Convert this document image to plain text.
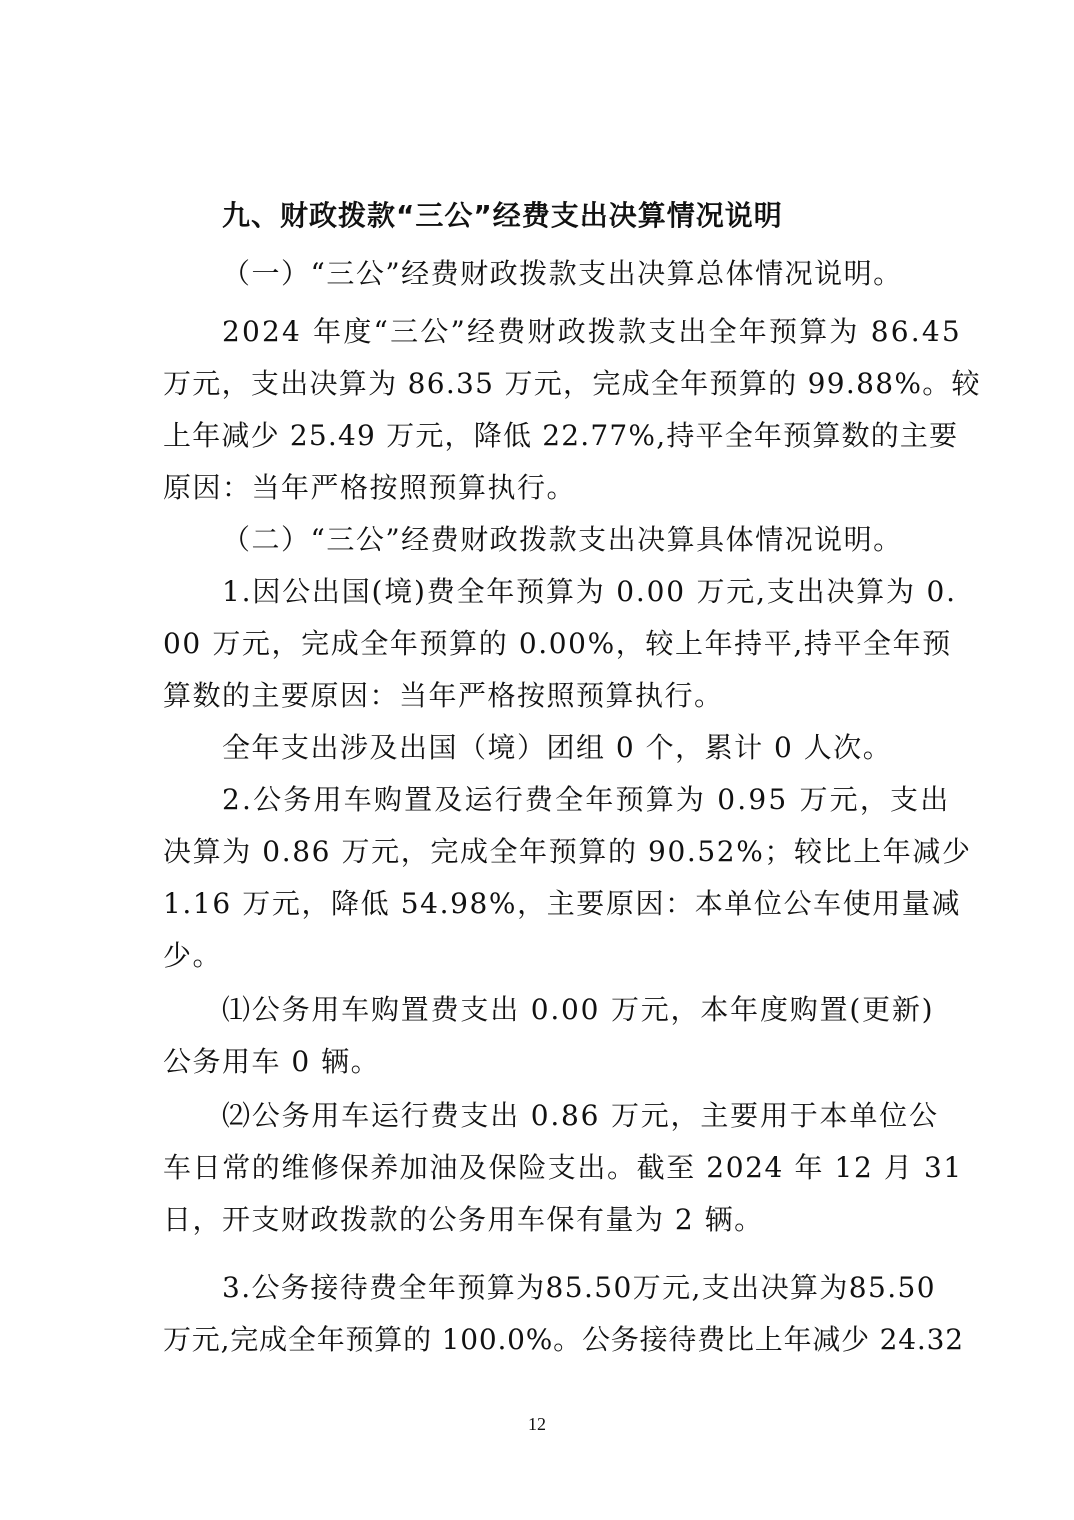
九、财政拨款“三公”经费支出决算情况说明

（一）“三公”经费财政拨款支出决算总体情况说明。

2024 年度“三公”经费财政拨款支出全年预算为 86.45

万元，支出决算为 86.35 万元，完成全年预算的 99.88%。较

上年减少 25.49 万元，降低 22.77%,持平全年预算数的主要

原因：当年严格按照预算执行。

（二）“三公”经费财政拨款支出决算具体情况说明。

1.因公出国(境)费全年预算为 0.00 万元,支出决算为 0.

00 万元，完成全年预算的 0.00%，较上年持平,持平全年预

算数的主要原因：当年严格按照预算执行。

全年支出涉及出国（境）团组 0 个，累计 0 人次。

2.公务用车购置及运行费全年预算为 0.95 万元，支出

决算为 0.86 万元，完成全年预算的 90.52%；较比上年减少

1.16 万元，降低 54.98%，主要原因：本单位公车使用量减

少。

⑴公务用车购置费支出 0.00 万元，本年度购置(更新)

公务用车 0 辆。

⑵公务用车运行费支出 0.86 万元，主要用于本单位公

车日常的维修保养加油及保险支出。截至 2024 年 12 月 31

日，开支财政拨款的公务用车保有量为 2 辆。

3.公务接待费全年预算为85.50万元,支出决算为85.50

万元,完成全年预算的 100.0%。公务接待费比上年减少 24.32

12
